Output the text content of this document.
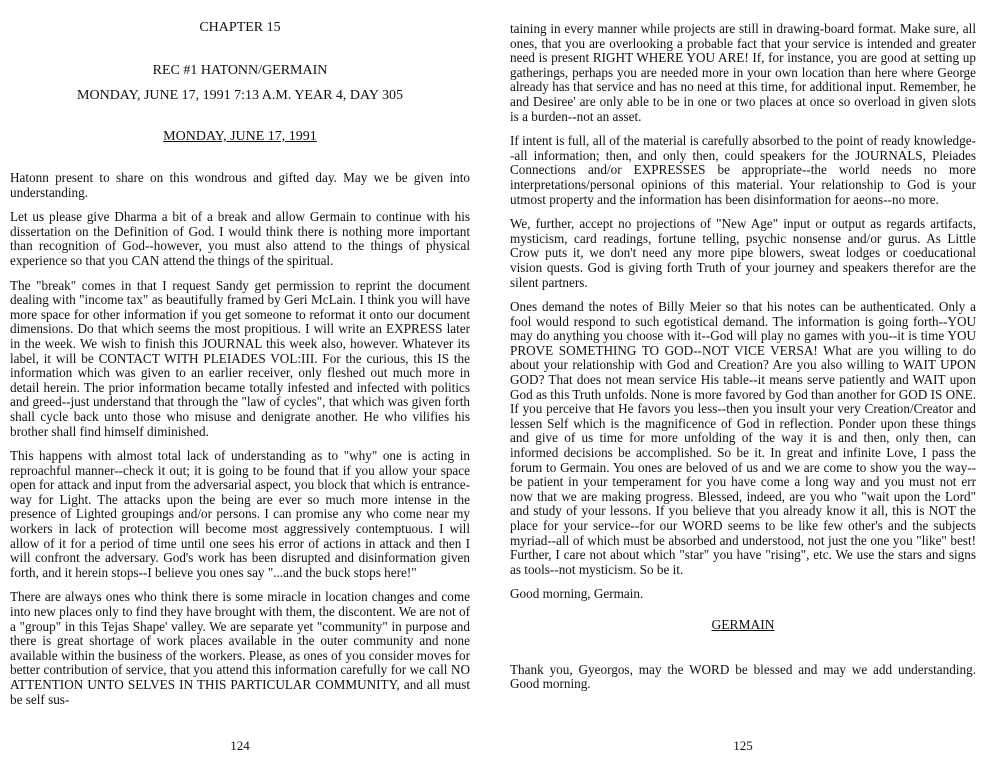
CHAPTER 15
REC #1 HATONN/GERMAIN
MONDAY, JUNE 17, 1991 7:13 A.M. YEAR 4, DAY 305
MONDAY, JUNE 17, 1991

Hatonn present to share on this wondrous and gifted day. May we be given into understanding.

Let us please give Dharma a bit of a break and allow Germain to continue with his dissertation on the Definition of God. I would think there is nothing more important than recognition of God--however, you must also attend to the things of physical experience so that you CAN attend the things of the spiritual.

The "break" comes in that I request Sandy get permission to reprint the document dealing with "income tax" as beautifully framed by Geri McLain. I think you will have more space for other information if you get someone to reformat it onto our document dimensions. Do that which seems the most propitious. I will write an EXPRESS later in the week. We wish to finish this JOURNAL this week also, however. Whatever its label, it will be CONTACT WITH PLEIADES VOL:III. For the curious, this IS the information which was given to an earlier receiver, only fleshed out much more in detail herein. The prior information became totally infested and infected with politics and greed--just understand that through the "law of cycles", that which was given forth shall cycle back unto those who misuse and denigrate another. He who vilifies his brother shall find himself diminished.

This happens with almost total lack of understanding as to "why" one is acting in reproachful manner--check it out; it is going to be found that if you allow your space open for attack and input from the adversarial aspect, you block that which is entrance-way for Light. The attacks upon the being are ever so much more intense in the presence of Lighted groupings and/or persons. I can promise any who come near my workers in lack of protection will become most aggressively contemptuous. I will allow of it for a period of time until one sees his error of actions in attack and then I will confront the adversary. God's work has been disrupted and disinformation given forth, and it herein stops--I believe you ones say "...and the buck stops here!"

There are always ones who think there is some miracle in location changes and come into new places only to find they have brought with them, the discontent. We are not of a "group" in this Tejas Shape' valley. We are separate yet "community" in purpose and there is great shortage of work places available in the outer community and none available within the business of the workers. Please, as ones of you consider moves for better contribution of service, that you attend this information carefully for we call NO ATTENTION UNTO SELVES IN THIS PARTICULAR COMMUNITY, and all must be self sus-

124

taining in every manner while projects are still in drawing-board format. Make sure, all ones, that you are overlooking a probable fact that your service is intended and greater need is present RIGHT WHERE YOU ARE! If, for instance, you are good at setting up gatherings, perhaps you are needed more in your own location than here where George already has that service and has no need at this time, for additional input. Remember, he and Desiree' are only able to be in one or two places at once so overload in given slots is a burden--not an asset.

If intent is full, all of the material is carefully absorbed to the point of ready knowledge--all information; then, and only then, could speakers for the JOURNALS, Pleiades Connections and/or EXPRESSES be appropriate--the world needs no more interpretations/personal opinions of this material. Your relationship to God is your utmost property and the information has been disinformation for aeons--no more.

We, further, accept no projections of "New Age" input or output as regards artifacts, mysticism, card readings, fortune telling, psychic nonsense and/or gurus. As Little Crow puts it, we don't need any more pipe blowers, sweat lodges or coeducational vision quests. God is giving forth Truth of your journey and speakers therefor are the silent partners.

Ones demand the notes of Billy Meier so that his notes can be authenticated. Only a fool would respond to such egotistical demand. The information is going forth--YOU may do anything you choose with it--God will play no games with you--it is time YOU PROVE SOMETHING TO GOD--NOT VICE VERSA! What are you willing to do about your relationship with God and Creation? Are you also willing to WAIT UPON GOD? That does not mean service His table--it means serve patiently and WAIT upon God as this Truth unfolds. None is more favored by God than another for GOD IS ONE. If you perceive that He favors you less--then you insult your very Creation/Creator and lessen Self which is the magnificence of God in reflection. Ponder upon these things and give of us time for more unfolding of the way it is and then, only then, can informed decisions be accomplished. So be it. In great and infinite Love, I pass the forum to Germain. You ones are beloved of us and we are come to show you the way--be patient in your temperament for you have come a long way and you must not err now that we are making progress. Blessed, indeed, are you who "wait upon the Lord" and study of your lessons. If you believe that you already know it all, this is NOT the place for your service--for our WORD seems to be like few other's and the subjects myriad--all of which must be absorbed and understood, not just the one you "like" best! Further, I care not about which "star" you have "rising", etc. We use the stars and signs as tools--not mysticism. So be it.

Good morning, Germain.

GERMAIN

Thank you, Gyeorgos, may the WORD be blessed and may we add understanding. Good morning.

125
